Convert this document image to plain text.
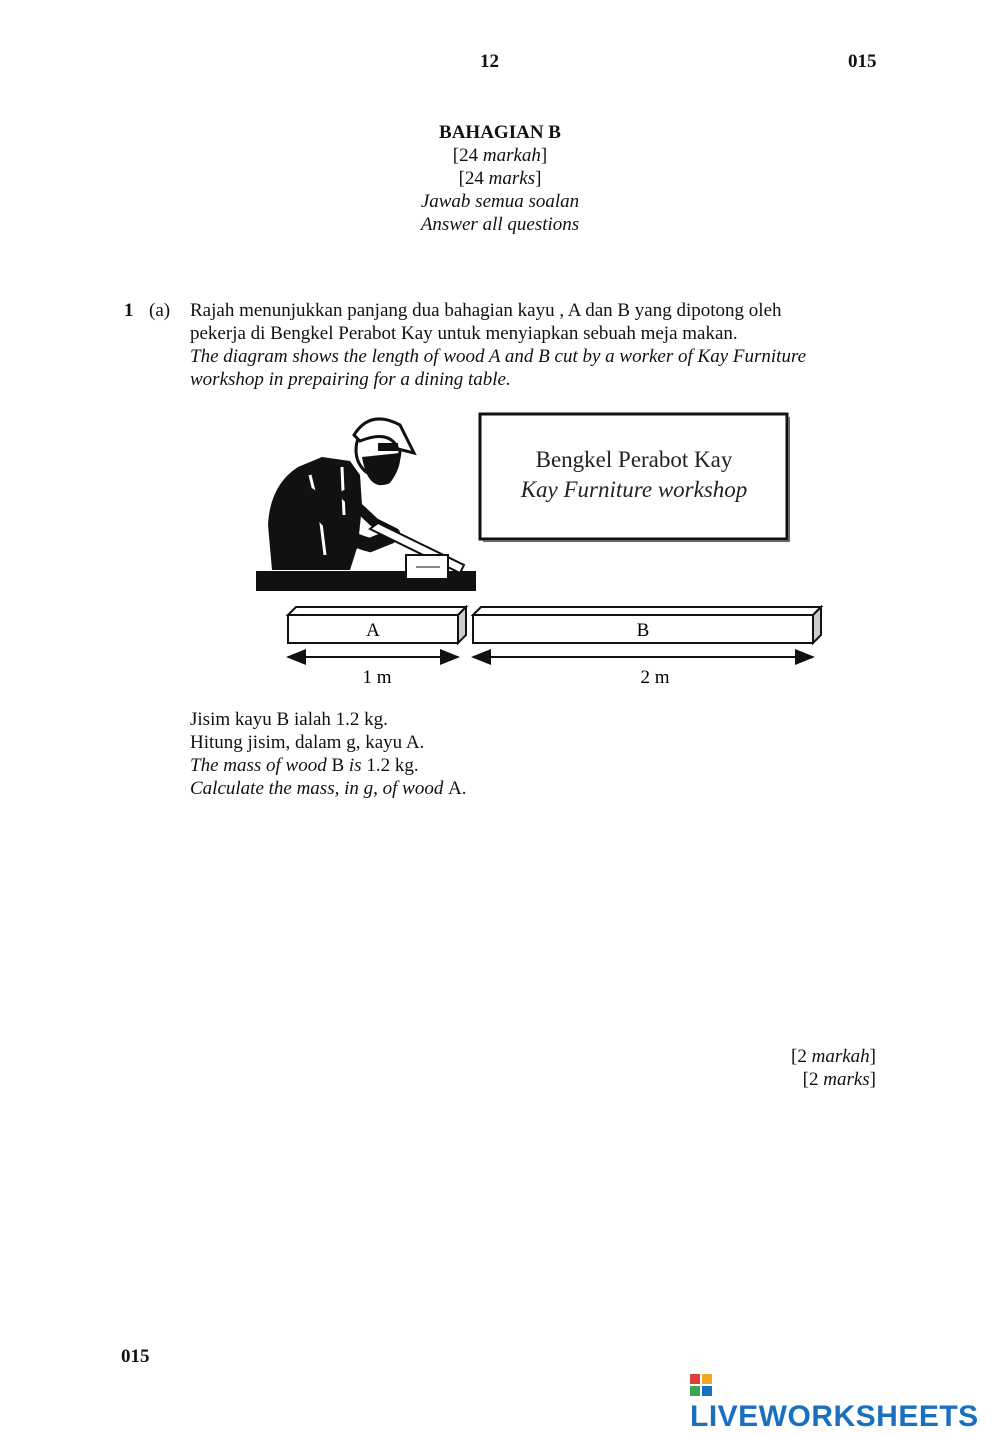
12	015
BAHAGIAN B
[24 markah]
[24 marks]
Jawab semua soalan
Answer all questions
1 (a) Rajah menunjukkan panjang dua bahagian kayu , A dan B yang dipotong oleh
pekerja di Bengkel Perabot Kay untuk menyiapkan sebuah meja makan.
The diagram shows the length of wood A and B cut by a worker of Kay Furniture
workshop in prepairing for a dining table.
Bengkel Perabot Kay
Kay Furniture workshop
A	B
1 m	2 m
Jisim kayu B ialah 1.2 kg.
Hitung jisim, dalam g, kayu A.
The mass of wood B is 1.2 kg.
Calculate the mass, in g, of wood A.
[2 markah]
[2 marks]
015
LIVEWORKSHEETS
